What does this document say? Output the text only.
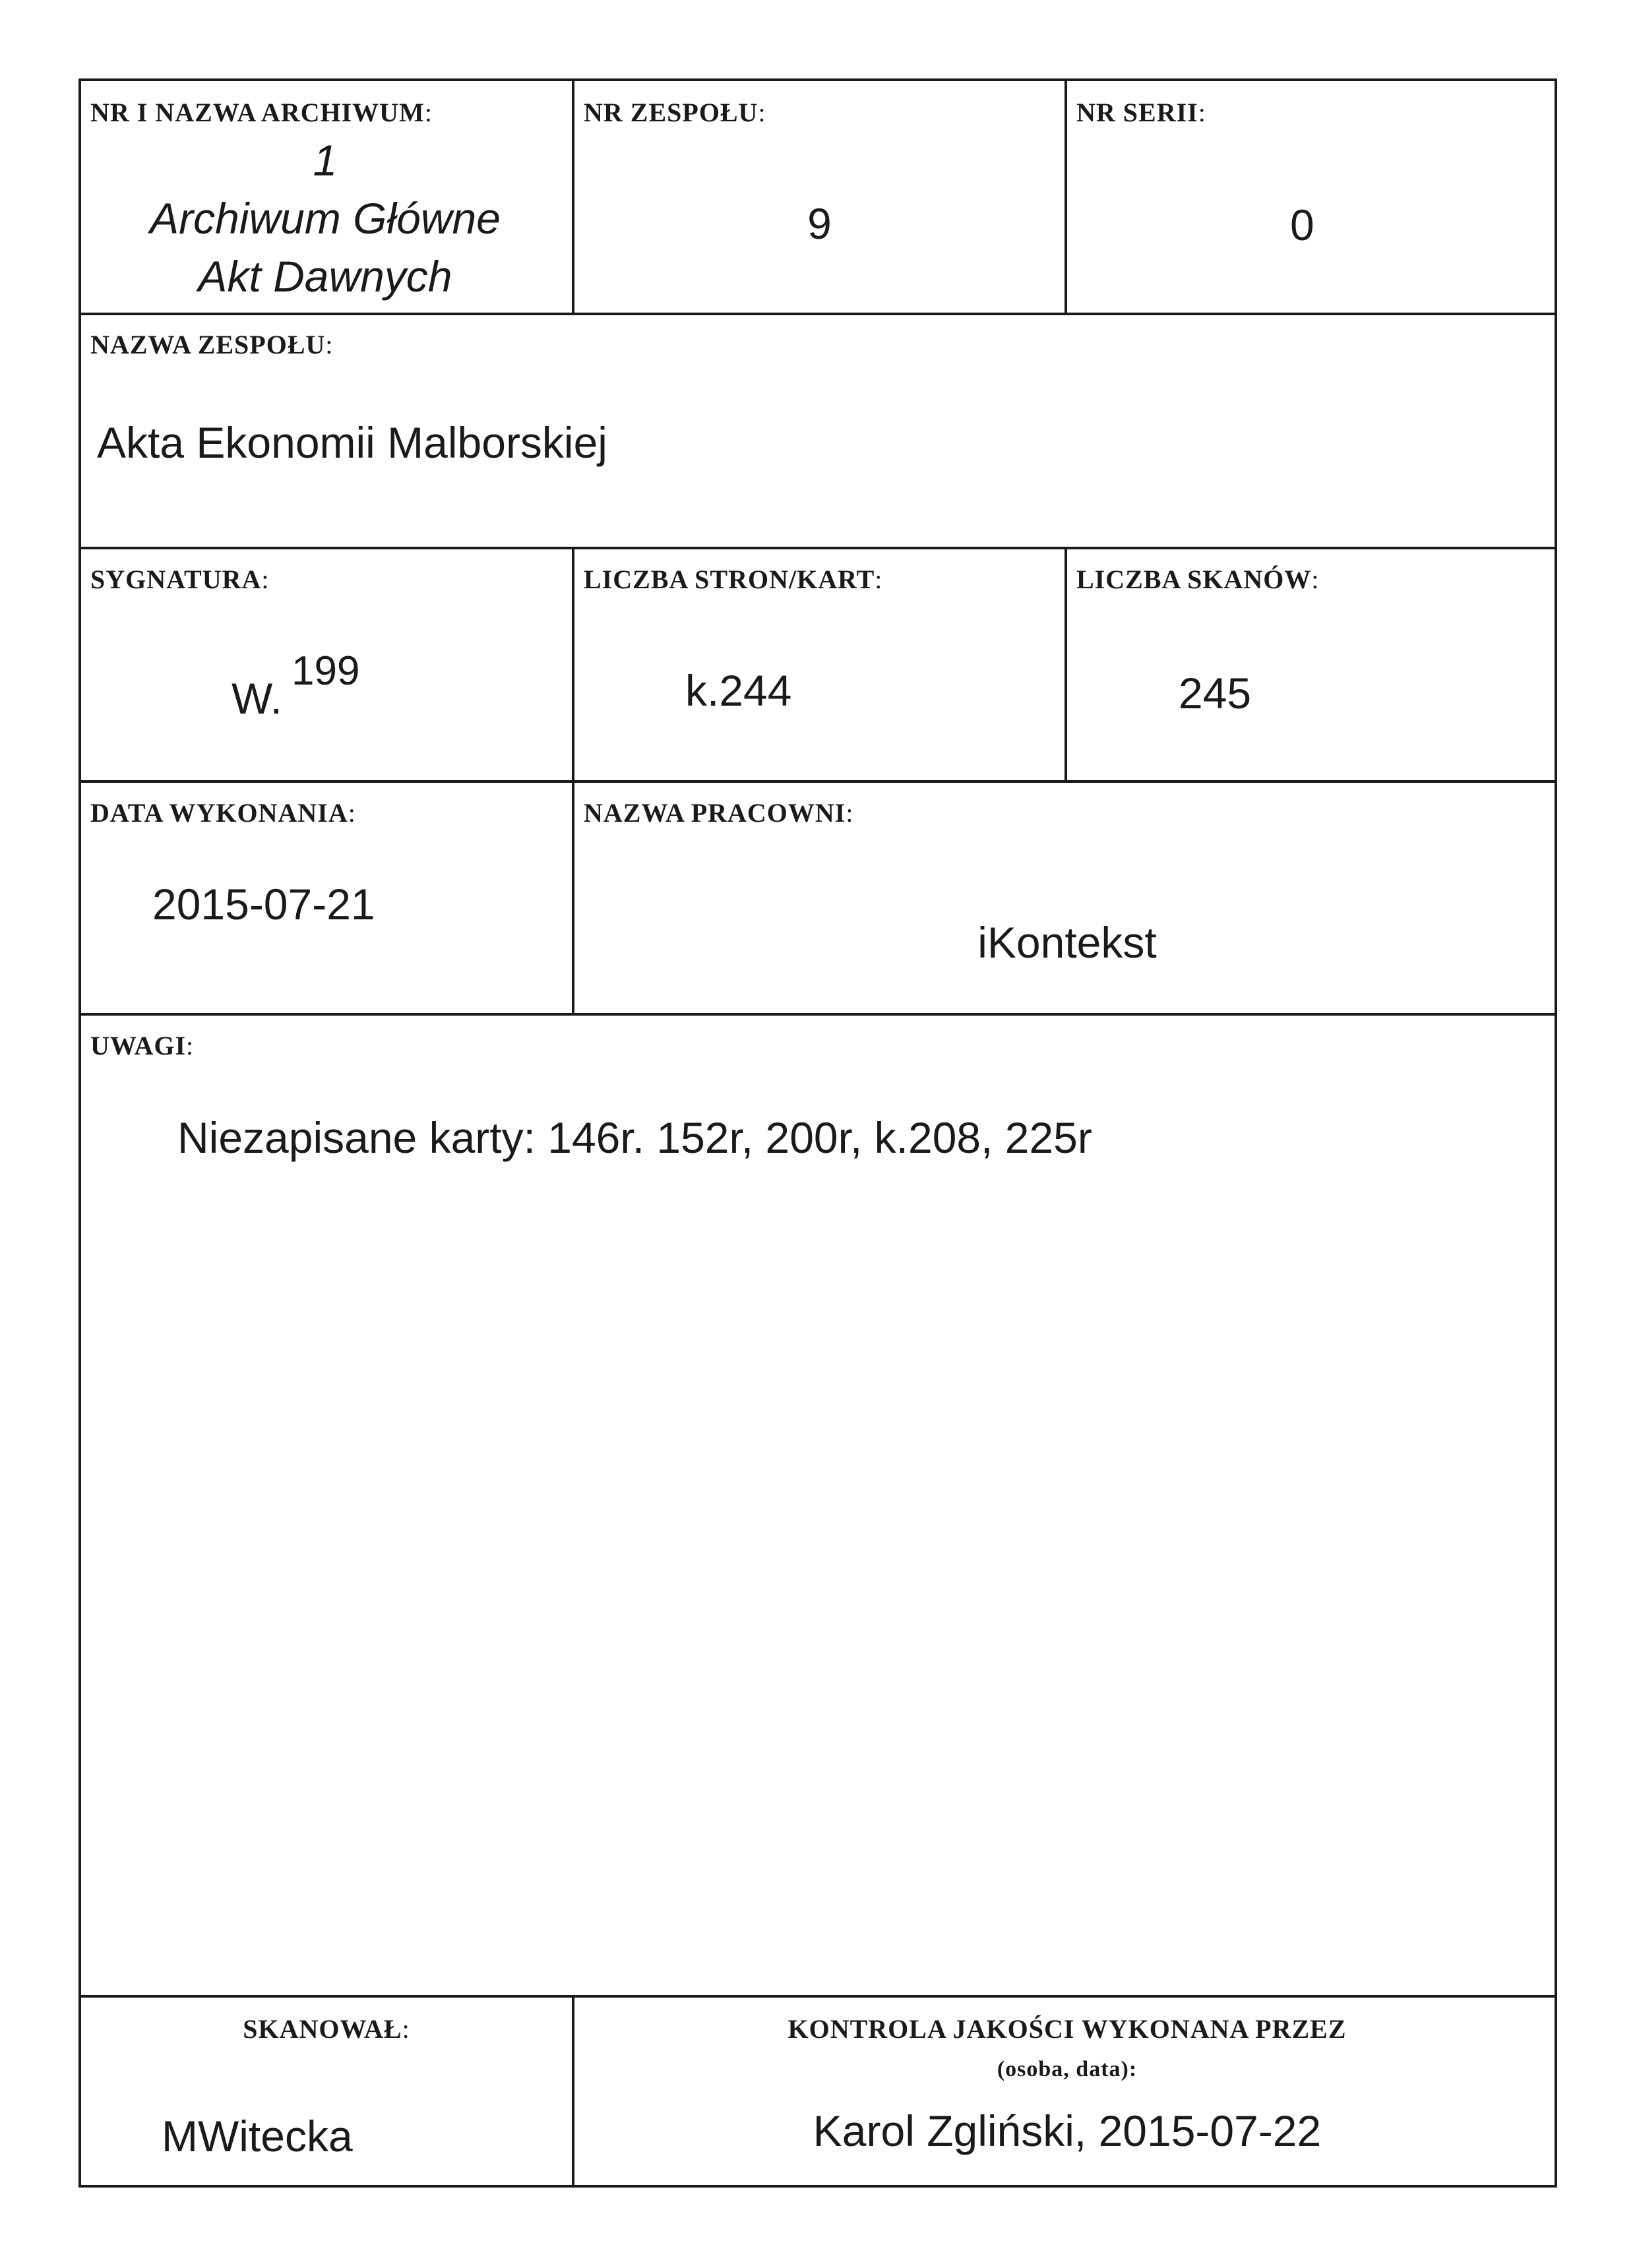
NR I NAZWA ARCHIWUM:
1
Archiwum Główne
Akt Dawnych
NR ZESPOŁU:
9
NR SERII:
0
NAZWA ZESPOŁU:
Akta Ekonomii Malborskiej
SYGNATURA:
W.199
LICZBA STRON/KART:
k.244
LICZBA SKANÓW:
245
DATA WYKONANIA:
2015-07-21
NAZWA PRACOWNI:
iKontekst
UWAGI:
Niezapisane karty: 146r. 152r, 200r, k.208, 225r
SKANOWAŁ:
MWitecka
KONTROLA JAKOŚCI WYKONANA PRZEZ
(osoba, data):
Karol Zgliński, 2015-07-22
